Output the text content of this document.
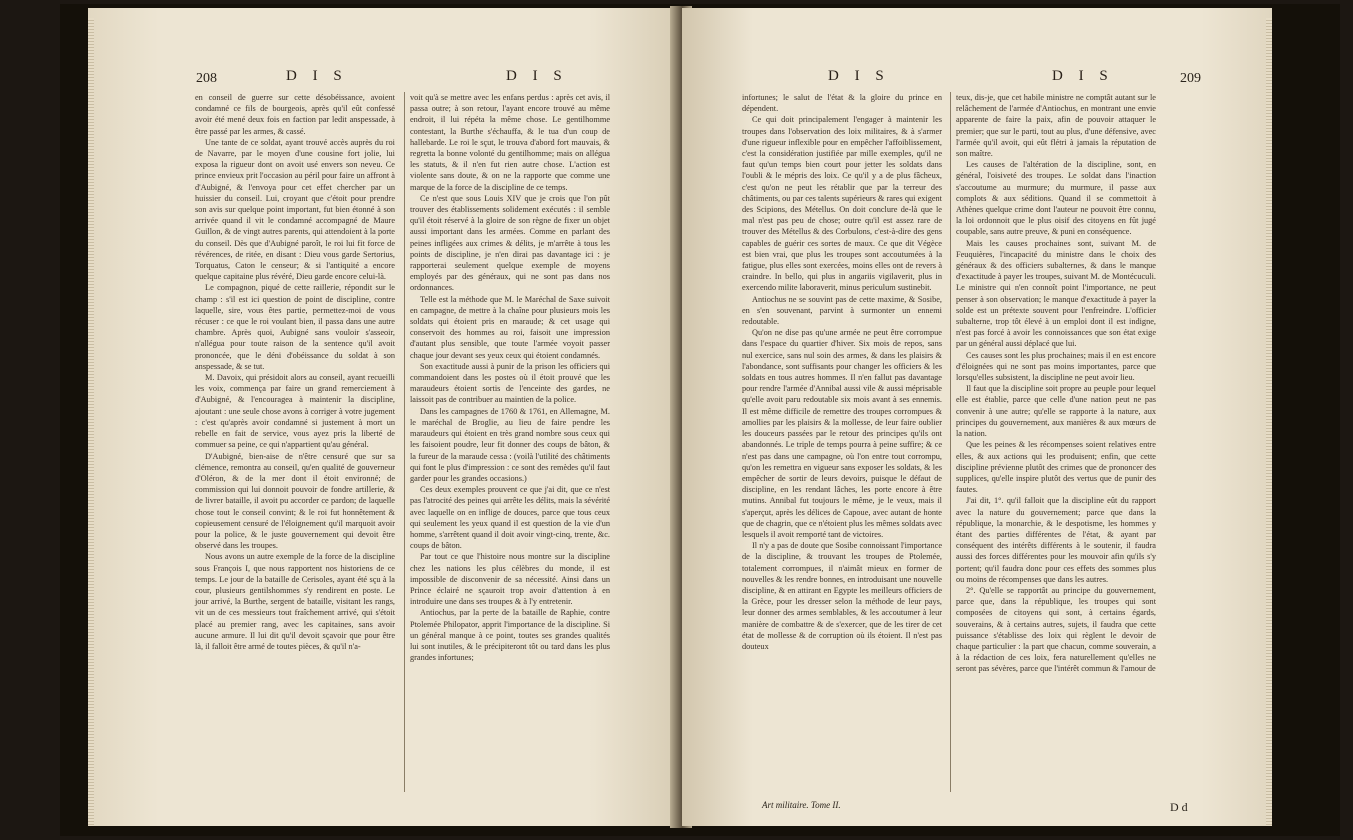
208	D I S	D I S

en conseil de guerre sur cette désobéissance, avoient condamné ce fils de bourgeois, après qu'il eût confessé avoir été mené deux fois en faction par ledit anspessade, à être passé par les armes, & cassé.

Une tante de ce soldat, ayant trouvé accès auprès du roi de Navarre, par le moyen d'une cousine fort jolie, lui exposa la rigueur dont on avoit usé envers son neveu. Ce prince envieux prit l'occasion au péril pour faire un affront à d'Aubigné, & l'envoya pour cet effet chercher par un huissier du conseil. Lui, croyant que c'étoit pour prendre son avis sur quelque point important, fut bien étonné à son arrivée quand il vit le condamné accompagné de Maure Guillon, & de vingt autres parents, qui attendoient à la porte du conseil. Dès que d'Aubigné paroît, le roi lui fit force de révérences, de ritée, en disant : Dieu vous garde Sertorius, Torquatus, Caton le censeur; & si l'antiquité a encore quelque capitaine plus révéré, Dieu garde encore celui-là.

Le compagnon, piqué de cette raillerie, répondit sur le champ : s'il est ici question de point de discipline, contre laquelle, sire, vous êtes partie, permettez-moi de vous récuser : ce que le roi voulant bien, il passa dans une autre chambre. Après quoi, Aubigné sans vouloir s'asseoir, n'allégua pour toute raison de la sentence qu'il avoit prononcée, que le déni d'obéissance du soldat à son anspessade, & se tut.

M. Davoix, qui présidoit alors au conseil, ayant recueilli les voix, commença par faire un grand remerciement à d'Aubigné, & l'encouragea à maintenir la discipline, ajoutant : une seule chose avons à corriger à votre jugement : c'est qu'après avoir condamné si justement à mort un rebelle en fait de service, vous ayez pris la liberté de commuer sa peine, ce qui n'appartient qu'au général.

D'Aubigné, bien-aise de n'être censuré que sur sa clémence, remontra au conseil, qu'en qualité de gouverneur d'Oléron, & de la mer dont il étoit environné; de commission qui lui donnoit pouvoir de fondre artillerie, & de livrer bataille, il avoit pu accorder ce pardon; de laquelle chose tout le conseil convint; & le roi fut honnêtement & copieusement censuré de l'éloignement qu'il marquoit avoir pour la police, & le juste gouvernement qui devoit être observé dans les troupes.

Nous avons un autre exemple de la force de la discipline sous François I, que nous rapportent nos historiens de ce temps. Le jour de la bataille de Cerisoles, ayant été sçu à la cour, plusieurs gentilshommes s'y rendirent en poste. Le jour arrivé, la Burthe, sergent de bataille, visitant les rangs, vit un de ces messieurs tout fraîchement arrivé, qui s'étoit placé au premier rang, avec les capitaines, sans avoir aucune armure. Il lui dit qu'il devoit sçavoir que pour être là, il falloit être armé de toutes pièces, & qu'il n'a-

voit qu'à se mettre avec les enfans perdus : après cet avis, il passa outre; à son retour, l'ayant encore trouvé au même endroit, il lui répéta la même chose. Le gentilhomme contestant, la Burthe s'échauffa, & le tua d'un coup de hallebarde. Le roi le sçut, le trouva d'abord fort mauvais, & regretta la bonne volonté du gentilhomme; mais on allégua les statuts, & il n'en fut rien autre chose. L'action est violente sans doute, & on ne la rapporte que comme une marque de la force de la discipline de ce temps.

Ce n'est que sous Louis XIV que je crois que l'on pût trouver des établissements solidement exécutés : il semble qu'il étoit réservé à la gloire de son règne de fixer un objet aussi important dans les armées. Comme en parlant des peines infligées aux crimes & délits, je m'arrête à tous les points de discipline, je n'en dirai pas davantage ici : je rapporterai seulement quelque exemple de moyens employés par des généraux, qui ne sont pas dans nos ordonnances.

Telle est la méthode que M. le Maréchal de Saxe suivoit en campagne, de mettre à la chaîne pour plusieurs mois les soldats qui étoient pris en maraude; & cet usage qui conservoit des hommes au roi, faisoit une impression d'autant plus sensible, que toute l'armée voyoit passer chaque jour devant ses yeux ceux qui étoient condamnés.

Son exactitude aussi à punir de la prison les officiers qui commandoient dans les postes où il étoit prouvé que les maraudeurs étoient sortis de l'enceinte des gardes, ne laissoit pas de contribuer au maintien de la police.

Dans les campagnes de 1760 & 1761, en Allemagne, M. le maréchal de Broglie, au lieu de faire pendre les maraudeurs qui étoient en très grand nombre sous ceux qui les faisoient poudre, leur fit donner des coups de bâton, & la fureur de la maraude cessa : (voilà l'utilité des châtiments qui font le plus d'impression : ce sont des remèdes qu'il faut garder pour les grandes occasions.)

Ces deux exemples prouvent ce que j'ai dit, que ce n'est pas l'atrocité des peines qui arrête les délits, mais la sévérité avec laquelle on en inflige de douces, parce que tous ceux qui seulement les yeux quand il est question de la vie d'un homme, s'arrêtent quand il doit avoir vingt-cinq, trente, &c. coups de bâton.

Par tout ce que l'histoire nous montre sur la discipline chez les nations les plus célèbres du monde, il est impossible de disconvenir de sa nécessité. Ainsi dans un Prince éclairé ne sçauroit trop avoir d'attention à en introduire une dans ses troupes & à l'y entretenir.

Antiochus, par la perte de la bataille de Raphie, contre Ptolemée Philopator, apprit l'importance de la discipline. Si un général manque à ce point, toutes ses grandes qualités lui sont inutiles, & le précipiteront tôt ou tard dans les plus grandes infortunes;

D I S	D I S	209

infortunes; le salut de l'état & la gloire du prince en dépendent.

Ce qui doit principalement l'engager à maintenir les troupes dans l'observation des loix militaires, & à s'armer d'une rigueur inflexible pour en empêcher l'affoiblissement, c'est la considération justifiée par mille exemples, qu'il ne faut qu'un temps bien court pour jetter les soldats dans l'oubli & le mépris des loix. Ce qu'il y a de plus fâcheux, c'est qu'on ne peut les rétablir que par la terreur des châtiments, ou par ces talents supérieurs & rares qui exigent des Scipions, des Métellus. On doit conclure de-là que le mal n'est pas peu de chose; outre qu'il est assez rare de trouver des Métellus & des Corbulons, c'est-à-dire des gens capables de guérir ces sortes de maux. Ce que dit Végèce est bien vrai, que plus les troupes sont accoutumées à la fatigue, plus elles sont exercées, moins elles ont de revers à craindre. In bello, qui plus in angariis vigilaverit, plus in exercendo milite laboraverit, minus periculum sustinebit.

Antiochus ne se souvint pas de cette maxime, & Sosibe, en s'en souvenant, parvint à surmonter un ennemi redoutable.

Qu'on ne dise pas qu'une armée ne peut être corrompue dans l'espace du quartier d'hiver. Six mois de repos, sans nul exercice, sans nul soin des armes, & dans les plaisirs & l'abondance, sont suffisants pour changer les officiers & les soldats en tous autres hommes. Il n'en fallut pas davantage pour rendre l'armée d'Annibal aussi vile & aussi méprisable qu'elle avoit paru redoutable six mois avant à ses ennemis. Il est même difficile de remettre des troupes corrompues & amollies par les plaisirs & la mollesse, de leur faire oublier les douceurs passées par le retour des principes qu'ils ont abandonnés. Le triple de temps pourra à peine suffire; & ce n'est pas dans une campagne, où l'on entre tout corrompu, qu'on les remettra en vigueur sans exposer les soldats, & les empêcher de sortir de leurs devoirs, puisque le défaut de discipline, en les rendant lâches, les porte encore à être mutins. Annibal fut toujours le même, je le veux, mais il s'aperçut, après les délices de Capoue, avec autant de honte que de chagrin, que ce n'étoient plus les mêmes soldats avec lesquels il avoit remporté tant de victoires.

Il n'y a pas de doute que Sosibe connoissant l'importance de la discipline, & trouvant les troupes de Ptolemée, totalement corrompues, il n'aimât mieux en former de nouvelles & les rendre bonnes, en introduisant une nouvelle discipline, & en attirant en Egypte les meilleurs officiers de la Grèce, pour les dresser selon la méthode de leur pays, leur donner des armes semblables, & les accoutumer à leur manière de combattre & de s'exercer, que de les tirer de cet état de mollesse & de corruption où ils étoient. Il n'est pas douteux

teux, dis-je, que cet habile ministre ne comptât autant sur le relâchement de l'armée d'Antiochus, en montrant une envie apparente de faire la paix, afin de pouvoir attaquer le premier; que sur le parti, tout au plus, d'une défensive, avec l'armée qu'il avoit, qui eût flétri à jamais la réputation de son maître.

Les causes de l'altération de la discipline, sont, en général, l'oisiveté des troupes. Le soldat dans l'inaction s'accoutume au murmure; du murmure, il passe aux complots & aux séditions. Quand il se commettoit à Athènes quelque crime dont l'auteur ne pouvoit être connu, la loi ordonnoit que le plus oisif des citoyens en fût jugé coupable, sans autre preuve, & puni en conséquence.

Mais les causes prochaines sont, suivant M. de Feuquières, l'incapacité du ministre dans le choix des généraux & des officiers subalternes, & dans le manque d'exactitude à payer les troupes, suivant M. de Montécuculi. Le ministre qui n'en connoît point l'importance, ne peut penser à son observation; le manque d'exactitude à payer la solde est un prétexte souvent pour l'enfreindre. L'officier subalterne, trop tôt élevé à un emploi dont il est indigne, n'est pas forcé à avoir les connoissances que son état exige par un général aussi déplacé que lui.

Ces causes sont les plus prochaines; mais il en est encore d'éloignées qui ne sont pas moins importantes, parce que lorsqu'elles subsistent, la discipline ne peut avoir lieu.

Il faut que la discipline soit propre au peuple pour lequel elle est établie, parce que celle d'une nation peut ne pas convenir à une autre; qu'elle se rapporte à la nature, aux principes du gouvernement, aux manières & aux mœurs de la nation.

Que les peines & les récompenses soient relatives entre elles, & aux actions qui les produisent; enfin, que cette discipline prévienne plutôt des crimes que de prononcer des supplices, qu'elle inspire plutôt des vertus que de punir des fautes.

J'ai dit, 1°. qu'il falloit que la discipline eût du rapport avec la nature du gouvernement; parce que dans la république, la monarchie, & le despotisme, les hommes y étant des parties différentes de l'état, & ayant par conséquent des intérêts différents à le soutenir, il faudra aussi des forces différentes pour les mouvoir afin qu'ils s'y portent; qu'il faudra donc pour ces effets des sommes plus ou moins de récompenses que dans les autres.

2°. Qu'elle se rapportât au principe du gouvernement, parce que, dans la république, les troupes qui sont composées de citoyens qui sont, à certains égards, souverains, & à certains autres, sujets, il faudra que cette puissance s'établisse des loix qui règlent le devoir de chaque particulier : la part que chacun, comme souverain, a à la rédaction de ces loix, fera naturellement qu'elles ne seront pas sévères, parce que l'intérêt commun & l'amour de

Art militaire. Tome II.	D d
